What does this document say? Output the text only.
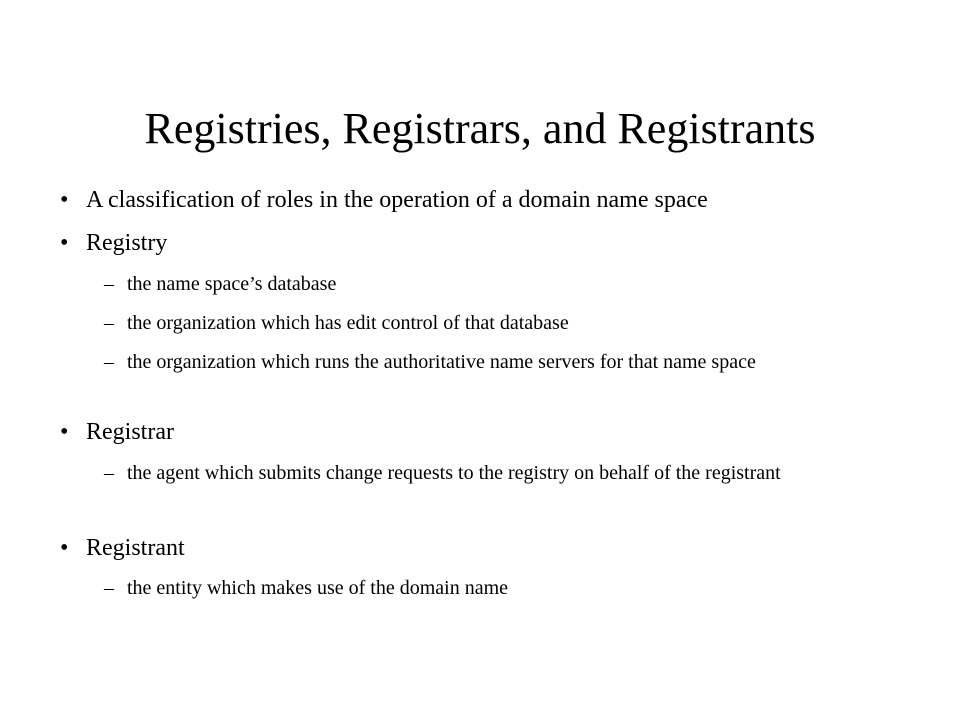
Registries, Registrars, and Registrants
• A classification of roles in the operation of a domain name space
• Registry
– the name space’s database
– the organization which has edit control of that database
– the organization which runs the authoritative name servers for that name space
• Registrar
– the agent which submits change requests to the registry on behalf of the registrant
• Registrant
– the entity which makes use of the domain name
